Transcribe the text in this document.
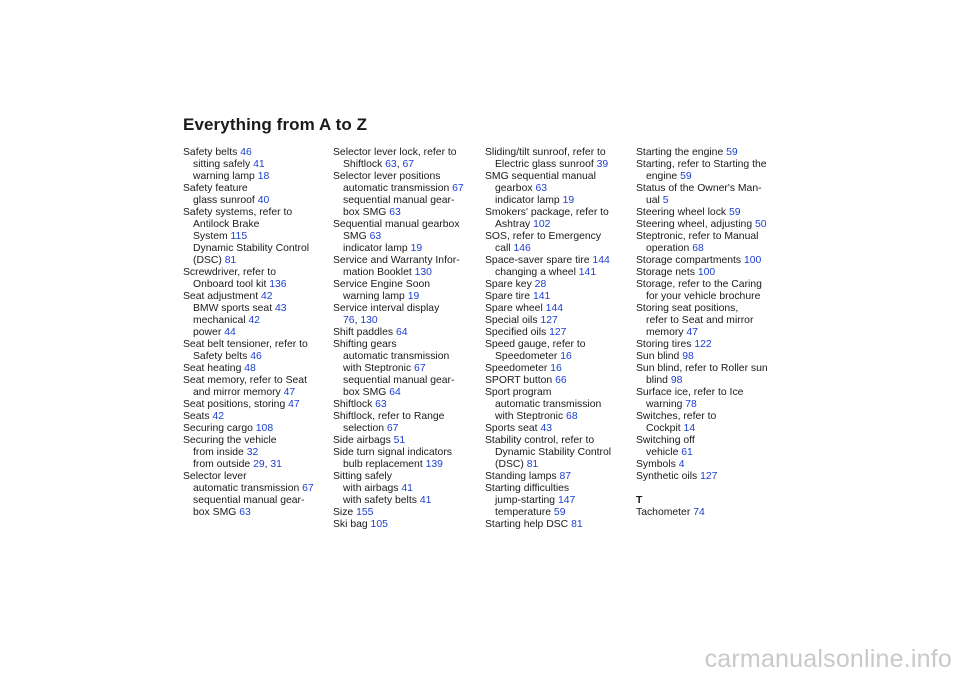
Everything from A to Z
Safety belts 46
sitting safely 41
warning lamp 18
Safety feature
glass sunroof 40
Safety systems, refer to
Antilock Brake
System 115
Dynamic Stability Control
(DSC) 81
Screwdriver, refer to
Onboard tool kit 136
Seat adjustment 42
BMW sports seat 43
mechanical 42
power 44
Seat belt tensioner, refer to
Safety belts 46
Seat heating 48
Seat memory, refer to Seat
and mirror memory 47
Seat positions, storing 47
Seats 42
Securing cargo 108
Securing the vehicle
from inside 32
from outside 29, 31
Selector lever
automatic transmission 67
sequential manual gear-
box SMG 63
Selector lever lock, refer to
Shiftlock 63, 67
Selector lever positions
automatic transmission 67
sequential manual gear-
box SMG 63
Sequential manual gearbox
SMG 63
indicator lamp 19
Service and Warranty Infor-
mation Booklet 130
Service Engine Soon
warning lamp 19
Service interval display
76, 130
Shift paddles 64
Shifting gears
automatic transmission
with Steptronic 67
sequential manual gear-
box SMG 64
Shiftlock 63
Shiftlock, refer to Range
selection 67
Side airbags 51
Side turn signal indicators
bulb replacement 139
Sitting safely
with airbags 41
with safety belts 41
Size 155
Ski bag 105
Sliding/tilt sunroof, refer to
Electric glass sunroof 39
SMG sequential manual
gearbox 63
indicator lamp 19
Smokers' package, refer to
Ashtray 102
SOS, refer to Emergency
call 146
Space-saver spare tire 144
changing a wheel 141
Spare key 28
Spare tire 141
Spare wheel 144
Special oils 127
Specified oils 127
Speed gauge, refer to
Speedometer 16
Speedometer 16
SPORT button 66
Sport program
automatic transmission
with Steptronic 68
Sports seat 43
Stability control, refer to
Dynamic Stability Control
(DSC) 81
Standing lamps 87
Starting difficulties
jump-starting 147
temperature 59
Starting help DSC 81
Starting the engine 59
Starting, refer to Starting the
engine 59
Status of the Owner's Man-
ual 5
Steering wheel lock 59
Steering wheel, adjusting 50
Steptronic, refer to Manual
operation 68
Storage compartments 100
Storage nets 100
Storage, refer to the Caring
for your vehicle brochure
Storing seat positions,
refer to Seat and mirror
memory 47
Storing tires 122
Sun blind 98
Sun blind, refer to Roller sun
blind 98
Surface ice, refer to Ice
warning 78
Switches, refer to
Cockpit 14
Switching off
vehicle 61
Symbols 4
Synthetic oils 127
T
Tachometer 74
carmanualsonline.info
